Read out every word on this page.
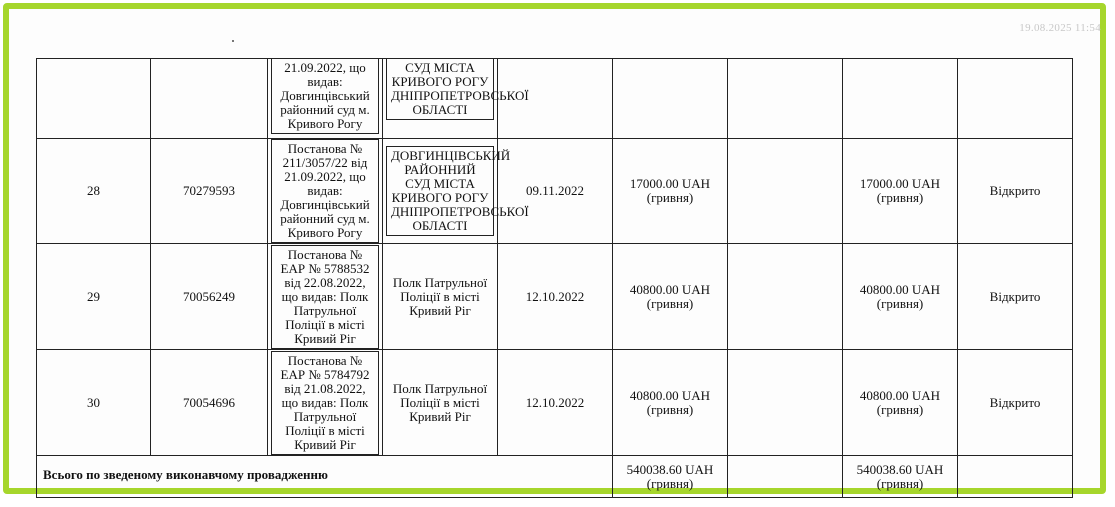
19.08.2025 11:54

		21.09.2022, що видав: Довгинцівський районний суд м. Кривого Рогу	СУД МІСТА КРИВОГО РОГУ ДНІПРОПЕТРОВСЬКОЇ ОБЛАСТІ					

28	70279593	Постанова № 211/3057/22 від 21.09.2022, що видав: Довгинцівський районний суд м. Кривого Рогу	ДОВГИНЦІВСЬКИЙ РАЙОННИЙ СУД МІСТА КРИВОГО РОГУ ДНІПРОПЕТРОВСЬКОЇ ОБЛАСТІ	09.11.2022	17000.00 UAH (гривня)		17000.00 UAH (гривня)	Відкрито
29	70056249	Постанова № ЕАР № 5788532 від 22.08.2022, що видав: Полк Патрульної Поліції в місті Кривий Ріг	Полк Патрульної Поліції в місті Кривий Ріг	12.10.2022	40800.00 UAH (гривня)		40800.00 UAH (гривня)	Відкрито
30	70054696	Постанова № ЕАР № 5784792 від 21.08.2022, що видав: Полк Патрульної Поліції в місті Кривий Ріг	Полк Патрульної Поліції в місті Кривий Ріг	12.10.2022	40800.00 UAH (гривня)		40800.00 UAH (гривня)	Відкрито
Всього по зведеному виконавчому провадженню					540038.60 UAH (гривня)		540038.60 UAH (гривня)	
